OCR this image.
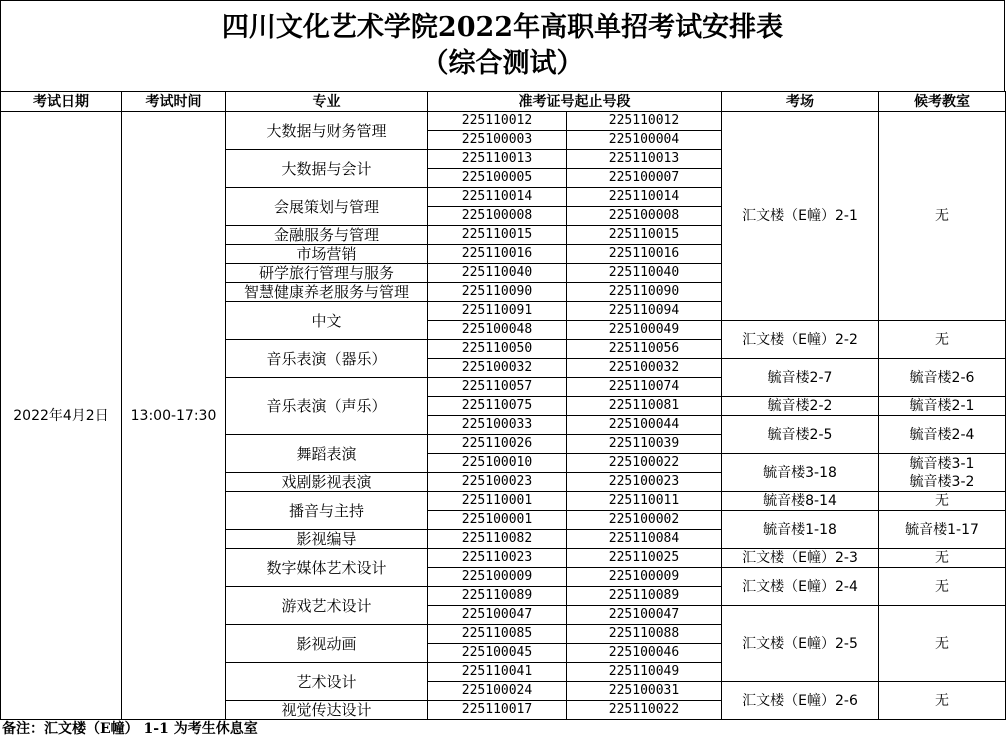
四川文化艺术学院2022年高职单招考试安排表
（综合测试）
考试日期	考试时间	专业	准考证号起止号段		考场	候考教室
2022年4月2日	13:00-17:30	大数据与财务管理	225110012	225110012	汇文楼（E幢）2-1	无
			225100003	225100004		
		大数据与会计	225110013	225110013		
			225100005	225100007		
		会展策划与管理	225110014	225110014		
			225100008	225100008		
		金融服务与管理	225110015	225110015		
		市场营销	225110016	225110016		
		研学旅行管理与服务	225110040	225110040		
		智慧健康养老服务与管理	225110090	225110090		
		中文	225110091	225110094		
			225100048	225100049	汇文楼（E幢）2-2	无
		音乐表演（器乐）	225110050	225110056		
			225100032	225100032	毓音楼2-7	毓音楼2-6
		音乐表演（声乐）	225110057	225110074		
			225110075	225110081	毓音楼2-2	毓音楼2-1
			225100033	225100044	毓音楼2-5	毓音楼2-4
		舞蹈表演	225110026	225110039		
			225100010	225100022	毓音楼3-18	毓音楼3-1
毓音楼3-2
		戏剧影视表演	225100023	225100023		
		播音与主持	225110001	225110011	毓音楼8-14	无
			225100001	225100002	毓音楼1-18	毓音楼1-17
		影视编导	225110082	225110084		
		数字媒体艺术设计	225110023	225110025	汇文楼（E幢）2-3	无
			225100009	225100009	汇文楼（E幢）2-4	无
		游戏艺术设计	225110089	225110089		
			225100047	225100047	汇文楼（E幢）2-5	无
		影视动画	225110085	225110088		
			225100045	225100046		
		艺术设计	225110041	225110049		
			225100024	225100031	汇文楼（E幢）2-6	无
		视觉传达设计	225110017	225110022		
备注：汇文楼（E幢） 1-1 为考生休息室
